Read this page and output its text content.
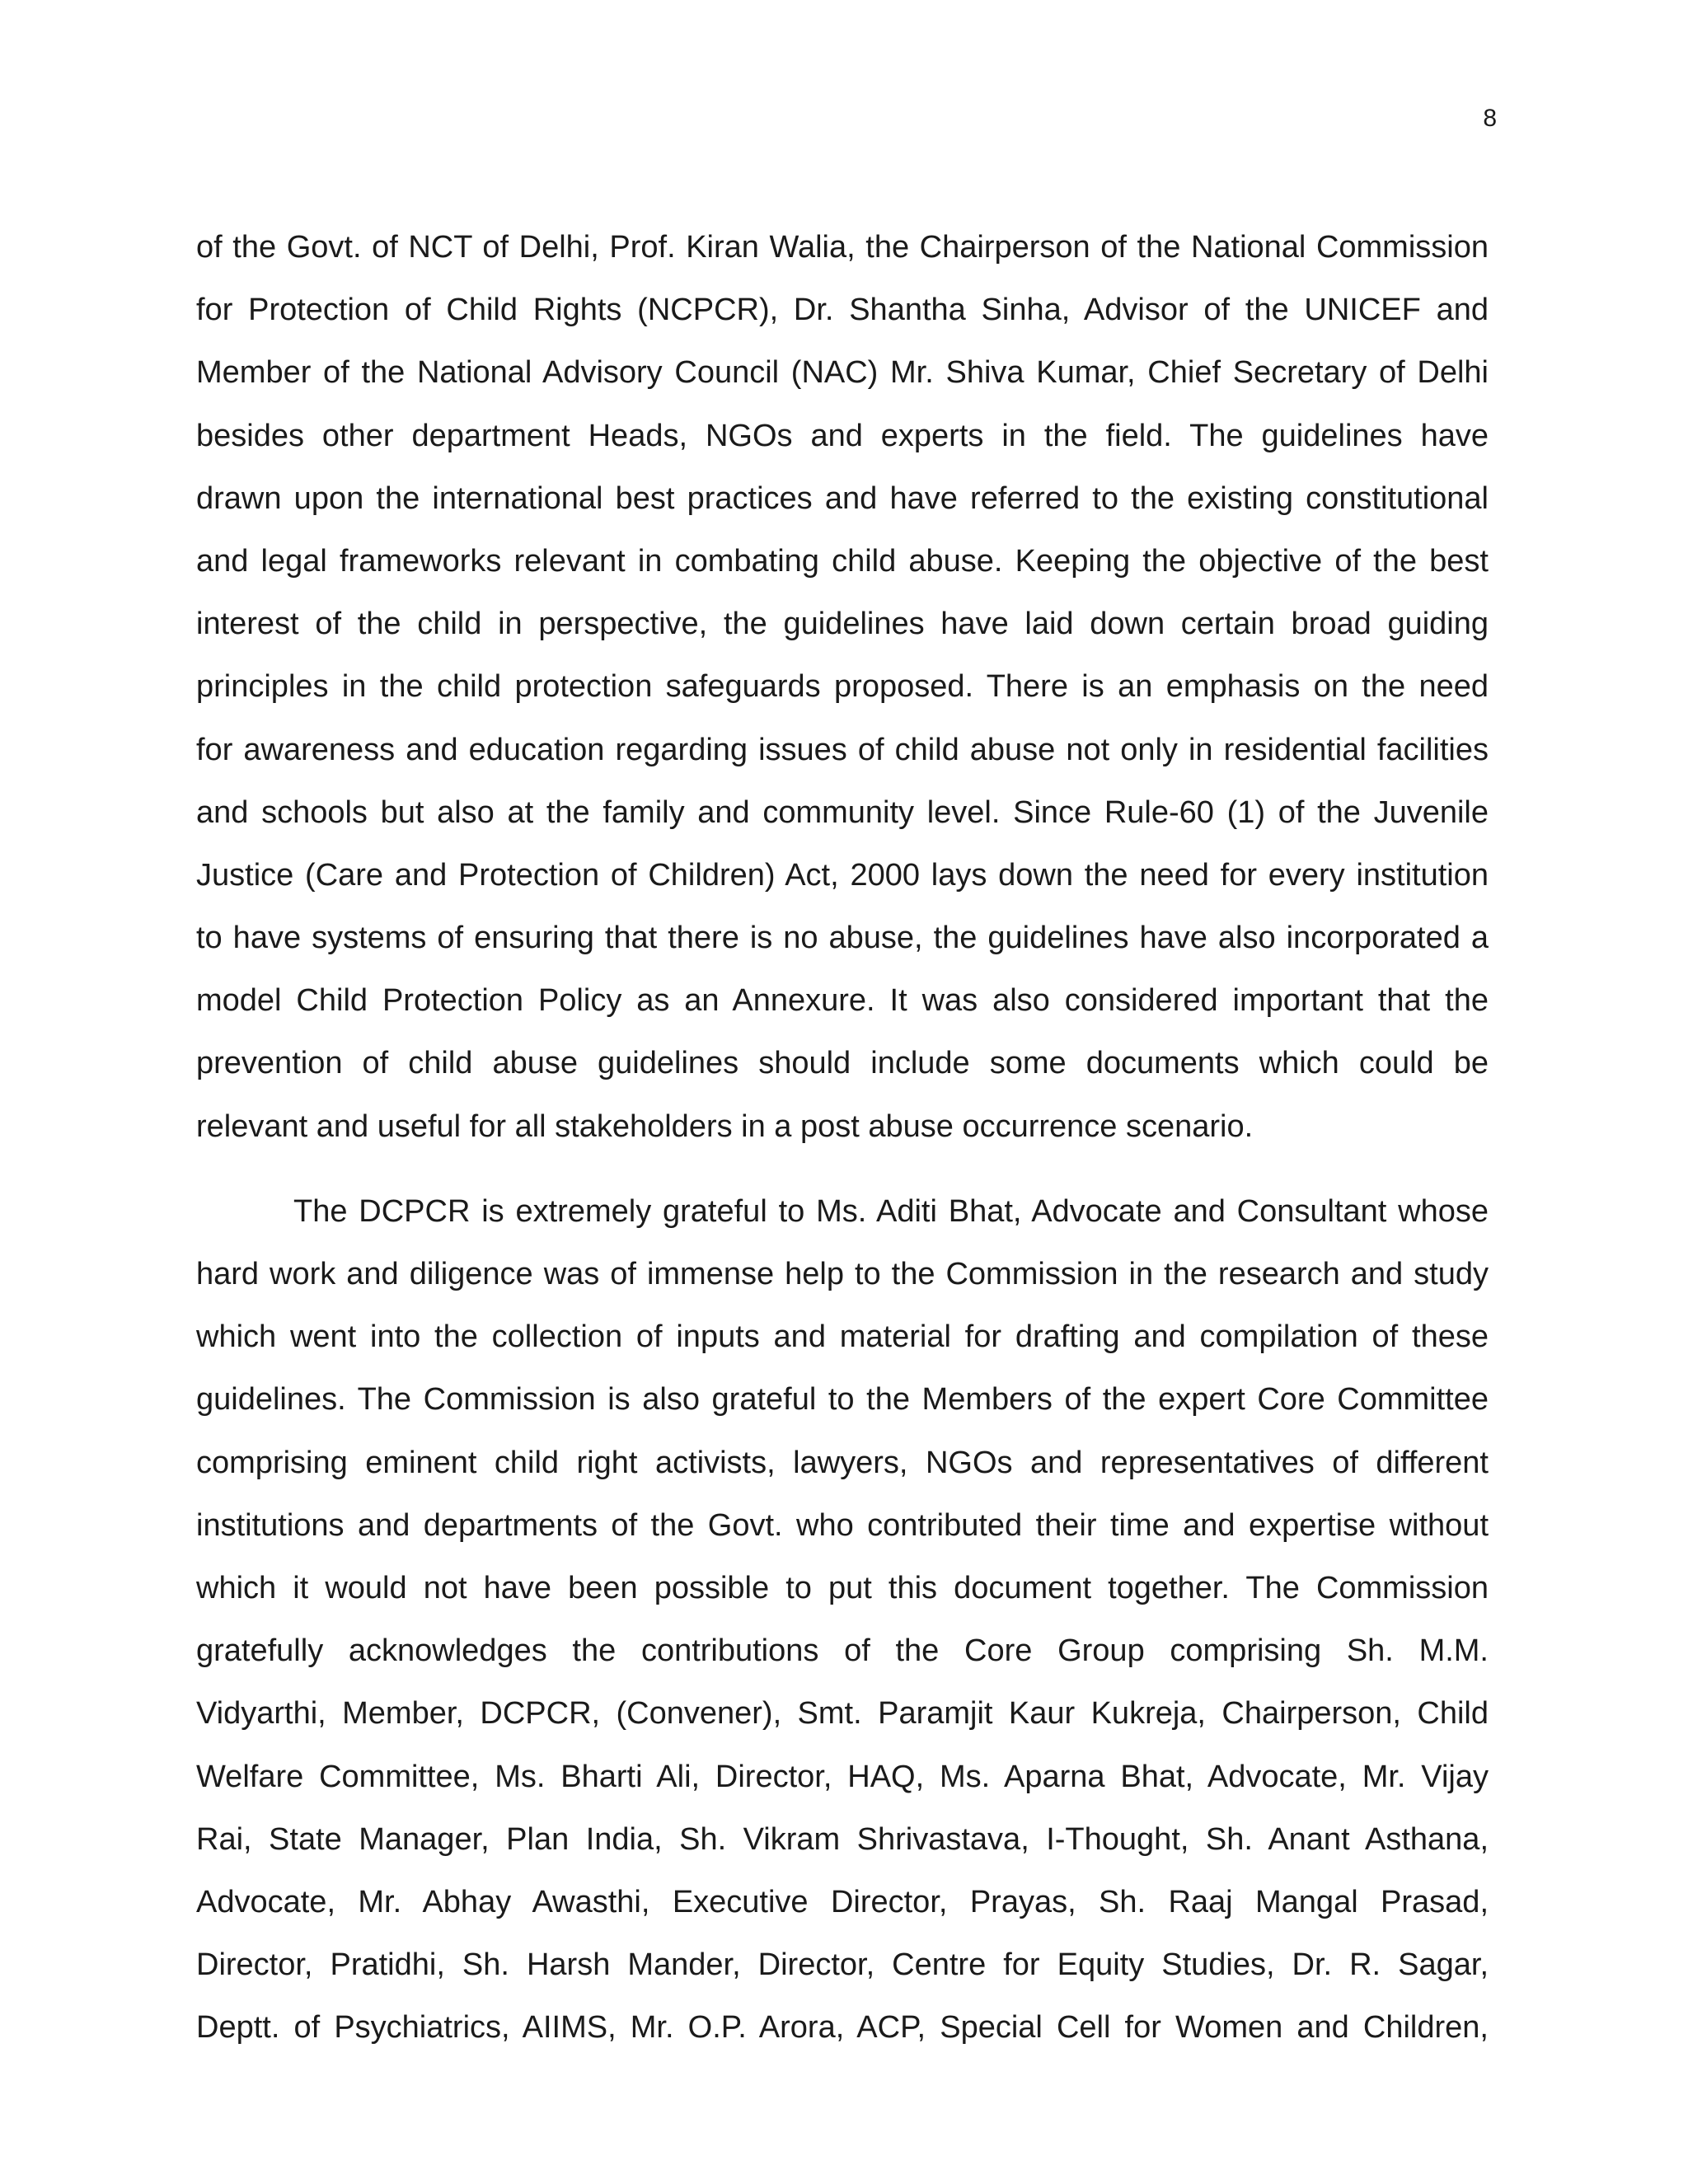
8
of the Govt. of NCT of Delhi, Prof. Kiran Walia, the Chairperson of the National Commission
for Protection of Child Rights (NCPCR), Dr. Shantha Sinha, Advisor of the UNICEF and
Member of the National Advisory Council (NAC) Mr. Shiva Kumar, Chief Secretary of Delhi
besides other department Heads, NGOs and experts in the field. The guidelines have
drawn upon the international best practices and have referred to the existing constitutional
and legal frameworks relevant in combating child abuse. Keeping the objective of the best
interest of the child in perspective, the guidelines have laid down certain broad guiding
principles in the child protection safeguards proposed. There is an emphasis on the need
for awareness and education regarding issues of child abuse not only in residential facilities
and schools but also at the family and community level. Since Rule-60 (1) of the Juvenile
Justice (Care and Protection of Children) Act, 2000 lays down the need for every institution
to have systems of ensuring that there is no abuse, the guidelines have also incorporated a
model Child Protection Policy as an Annexure. It was also considered important that the
prevention of child abuse guidelines should include some documents which could be
relevant and useful for all stakeholders in a post abuse occurrence scenario.
The DCPCR is extremely grateful to Ms. Aditi Bhat, Advocate and Consultant whose
hard work and diligence was of immense help to the Commission in the research and study
which went into the collection of inputs and material for drafting and compilation of these
guidelines. The Commission is also grateful to the Members of the expert Core Committee
comprising eminent child right activists, lawyers, NGOs and representatives of different
institutions and departments of the Govt. who contributed their time and expertise without
which it would not have been possible to put this document together. The Commission
gratefully acknowledges the contributions of the Core Group comprising Sh. M.M.
Vidyarthi, Member, DCPCR, (Convener), Smt. Paramjit Kaur Kukreja, Chairperson, Child
Welfare Committee, Ms. Bharti Ali, Director, HAQ, Ms. Aparna Bhat, Advocate, Mr. Vijay
Rai, State Manager, Plan India, Sh. Vikram Shrivastava, I-Thought, Sh. Anant Asthana,
Advocate, Mr. Abhay Awasthi, Executive Director, Prayas, Sh. Raaj Mangal Prasad,
Director, Pratidhi, Sh. Harsh Mander, Director, Centre for Equity Studies, Dr. R. Sagar,
Deptt. of Psychiatrics, AIIMS, Mr. O.P. Arora, ACP, Special Cell for Women and Children,
